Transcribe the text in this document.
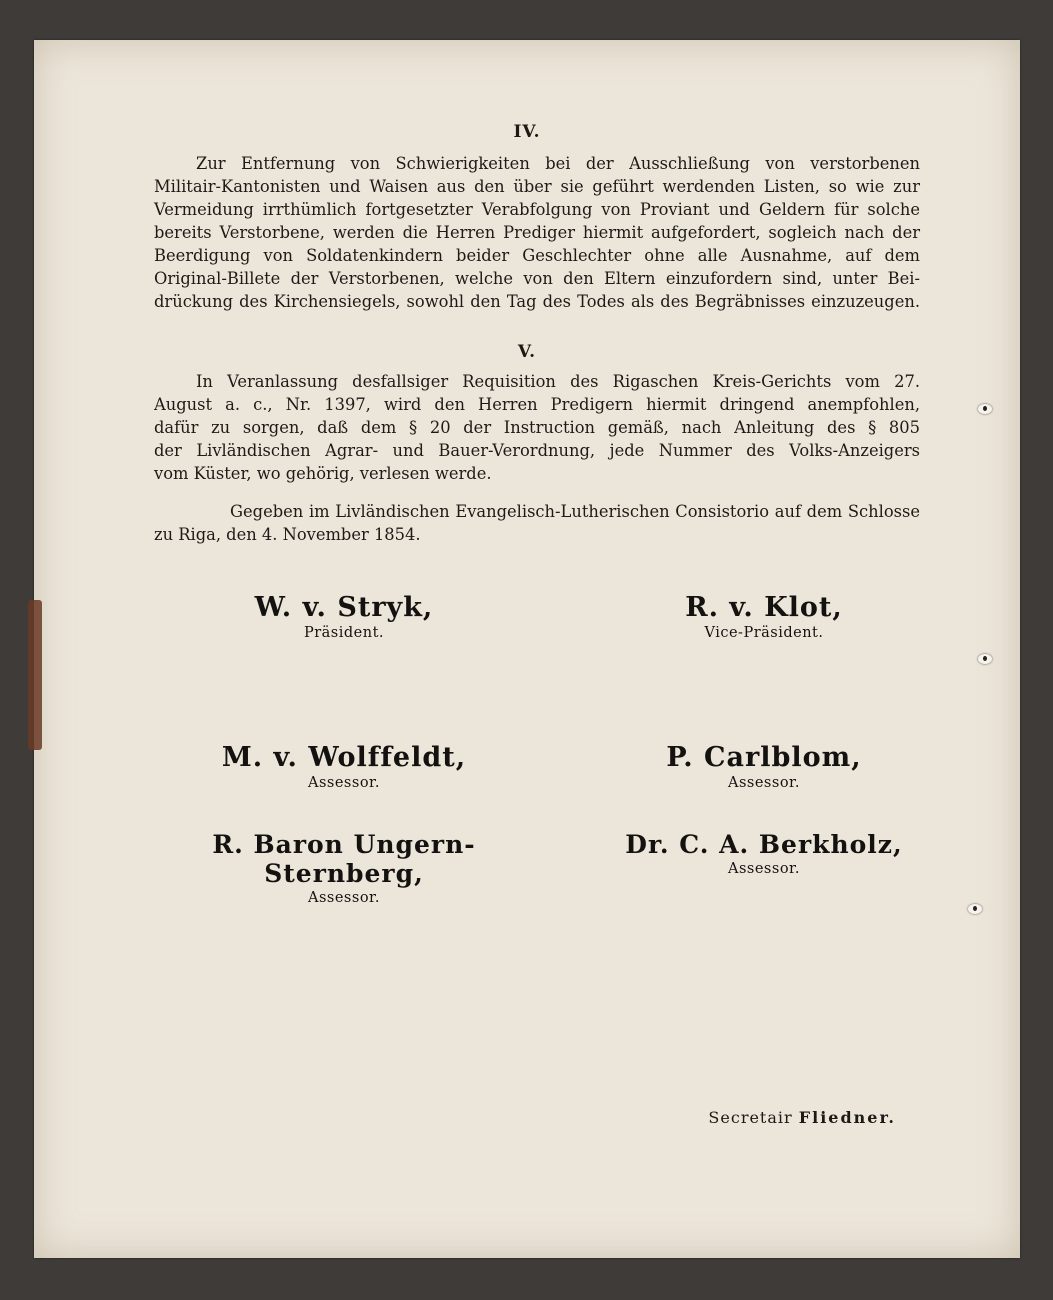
IV.
Zur Entfernung von Schwierigkeiten bei der Ausschließung von verstorbenen
Militair-Kantonisten und Waisen aus den über sie geführt werdenden Listen, so wie zur
Vermeidung irrthümlich fortgesetzter Verabfolgung von Proviant und Geldern für solche
bereits Verstorbene, werden die Herren Prediger hiermit aufgefordert, sogleich nach der
Beerdigung von Soldatenkindern beider Geschlechter ohne alle Ausnahme, auf dem
Original-Billete der Verstorbenen, welche von den Eltern einzufordern sind, unter Bei-
drückung des Kirchensiegels, sowohl den Tag des Todes als des Begräbnisses einzuzeugen.
V.
In Veranlassung desfallsiger Requisition des Rigaschen Kreis-Gerichts vom 27.
August a. c., Nr. 1397, wird den Herren Predigern hiermit dringend anempfohlen,
dafür zu sorgen, daß dem § 20 der Instruction gemäß, nach Anleitung des § 805
der Livländischen Agrar- und Bauer-Verordnung, jede Nummer des Volks-Anzeigers
vom Küster, wo gehörig, verlesen werde.
Gegeben im Livländischen Evangelisch-Lutherischen Consistorio auf dem Schlosse
zu Riga, den 4. November 1854.
W. v. Stryk,
Präsident.
R. v. Klot,
Vice-Präsident.
M. v. Wolffeldt,
Assessor.
P. Carlblom,
Assessor.
R. Baron Ungern-Sternberg,
Assessor.
Dr. C. A. Berkholz,
Assessor.
Secretair Fliedner.
